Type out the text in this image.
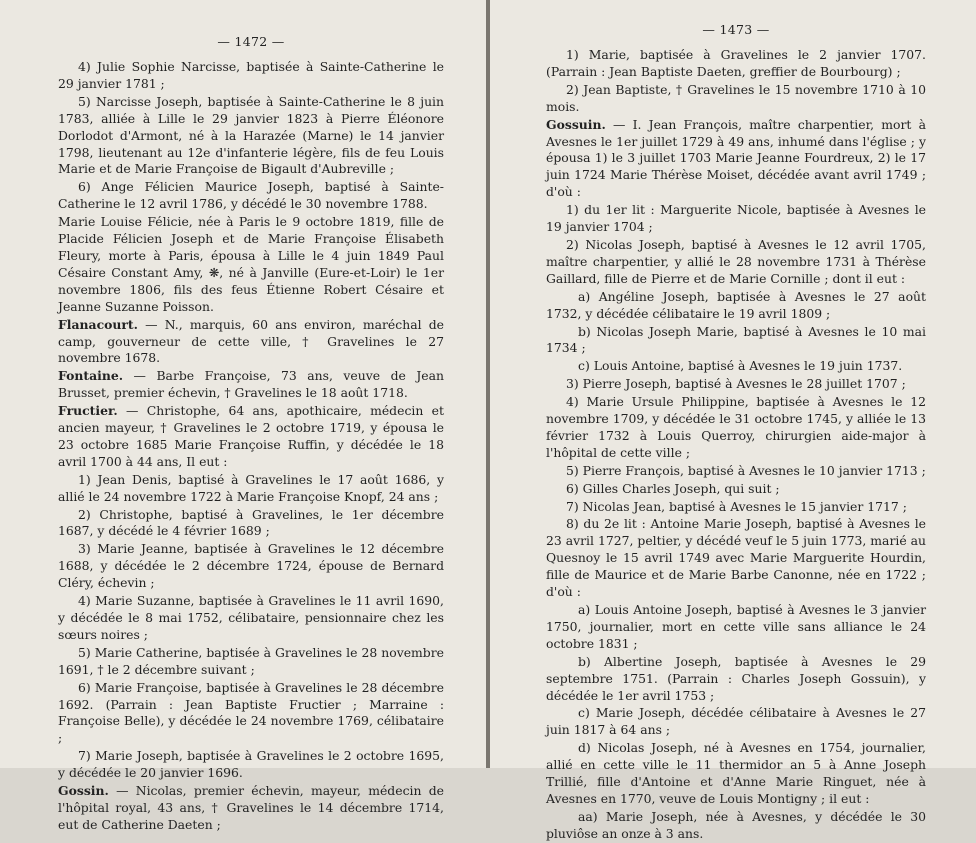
— 1472 —

4) Julie Sophie Narcisse, baptisée à Sainte-Catherine le 29 janvier 1781 ;

5) Narcisse Joseph, baptisée à Sainte-Catherine le 8 juin 1783, alliée à Lille le 29 janvier 1823 à Pierre Éléonore Dorlodot d'Armont, né à la Harazée (Marne) le 14 janvier 1798, lieutenant au 12e d'infanterie légère, fils de feu Louis Marie et de Marie Françoise de Bigault d'Aubreville ;

6) Ange Félicien Maurice Joseph, baptisé à Sainte-Catherine le 12 avril 1786, y décédé le 30 novembre 1788.

Marie Louise Félicie, née à Paris le 9 octobre 1819, fille de Placide Félicien Joseph et de Marie Françoise Élisabeth Fleury, morte à Paris, épousa à Lille le 4 juin 1849 Paul Césaire Constant Amy, ❋, né à Janville (Eure-et-Loir) le 1er novembre 1806, fils des feus Étienne Robert Césaire et Jeanne Suzanne Poisson.

Flanacourt. — N., marquis, 60 ans environ, maréchal de camp, gouverneur de cette ville, † Gravelines le 27 novembre 1678.

Fontaine. — Barbe Françoise, 73 ans, veuve de Jean Brusset, premier échevin, † Gravelines le 18 août 1718.

Fructier. — Christophe, 64 ans, apothicaire, médecin et ancien mayeur, † Gravelines le 2 octobre 1719, y épousa le 23 octobre 1685 Marie Françoise Ruffin, y décédée le 18 avril 1700 à 44 ans, Il eut :

1) Jean Denis, baptisé à Gravelines le 17 août 1686, y allié le 24 novembre 1722 à Marie Françoise Knopf, 24 ans ;

2) Christophe, baptisé à Gravelines, le 1er décembre 1687, y décédé le 4 février 1689 ;

3) Marie Jeanne, baptisée à Gravelines le 12 décembre 1688, y décédée le 2 décembre 1724, épouse de Bernard Cléry, échevin ;

4) Marie Suzanne, baptisée à Gravelines le 11 avril 1690, y décédée le 8 mai 1752, célibataire, pensionnaire chez les sœurs noires ;

5) Marie Catherine, baptisée à Gravelines le 28 novembre 1691, † le 2 décembre suivant ;

6) Marie Françoise, baptisée à Gravelines le 28 décembre 1692. (Parrain : Jean Baptiste Fructier ; Marraine : Françoise Belle), y décédée le 24 novembre 1769, célibataire ;

7) Marie Joseph, baptisée à Gravelines le 2 octobre 1695, y décédée le 20 janvier 1696.

Gossin. — Nicolas, premier échevin, mayeur, médecin de l'hôpital royal, 43 ans, † Gravelines le 14 décembre 1714, eut de Catherine Daeten ;

— 1473 —

1) Marie, baptisée à Gravelines le 2 janvier 1707. (Parrain : Jean Baptiste Daeten, greffier de Bourbourg) ;

2) Jean Baptiste, † Gravelines le 15 novembre 1710 à 10 mois.

Gossuin. — I. Jean François, maître charpentier, mort à Avesnes le 1er juillet 1729 à 49 ans, inhumé dans l'église ; y épousa 1) le 3 juillet 1703 Marie Jeanne Fourdreux, 2) le 17 juin 1724 Marie Thérèse Moiset, décédée avant avril 1749 ; d'où :

1) du 1er lit : Marguerite Nicole, baptisée à Avesnes le 19 janvier 1704 ;

2) Nicolas Joseph, baptisé à Avesnes le 12 avril 1705, maître charpentier, y allié le 28 novembre 1731 à Thérèse Gaillard, fille de Pierre et de Marie Cornille ; dont il eut :

a) Angéline Joseph, baptisée à Avesnes le 27 août 1732, y décédée célibataire le 19 avril 1809 ;

b) Nicolas Joseph Marie, baptisé à Avesnes le 10 mai 1734 ;

c) Louis Antoine, baptisé à Avesnes le 19 juin 1737.

3) Pierre Joseph, baptisé à Avesnes le 28 juillet 1707 ;

4) Marie Ursule Philippine, baptisée à Avesnes le 12 novembre 1709, y décédée le 31 octobre 1745, y alliée le 13 février 1732 à Louis Querroy, chirurgien aide-major à l'hôpital de cette ville ;

5) Pierre François, baptisé à Avesnes le 10 janvier 1713 ;

6) Gilles Charles Joseph, qui suit ;

7) Nicolas Jean, baptisé à Avesnes le 15 janvier 1717 ;

8) du 2e lit : Antoine Marie Joseph, baptisé à Avesnes le 23 avril 1727, peltier, y décédé veuf le 5 juin 1773, marié au Quesnoy le 15 avril 1749 avec Marie Marguerite Hourdin, fille de Maurice et de Marie Barbe Canonne, née en 1722 ; d'où :

a) Louis Antoine Joseph, baptisé à Avesnes le 3 janvier 1750, journalier, mort en cette ville sans alliance le 24 octobre 1831 ;

b) Albertine Joseph, baptisée à Avesnes le 29 septembre 1751. (Parrain : Charles Joseph Gossuin), y décédée le 1er avril 1753 ;

c) Marie Joseph, décédée célibataire à Avesnes le 27 juin 1817 à 64 ans ;

d) Nicolas Joseph, né à Avesnes en 1754, journalier, allié en cette ville le 11 thermidor an 5 à Anne Joseph Trillié, fille d'Antoine et d'Anne Marie Ringuet, née à Avesnes en 1770, veuve de Louis Montigny ; il eut :

aa) Marie Joseph, née à Avesnes, y décédée le 30 pluviôse an onze à 3 ans.
